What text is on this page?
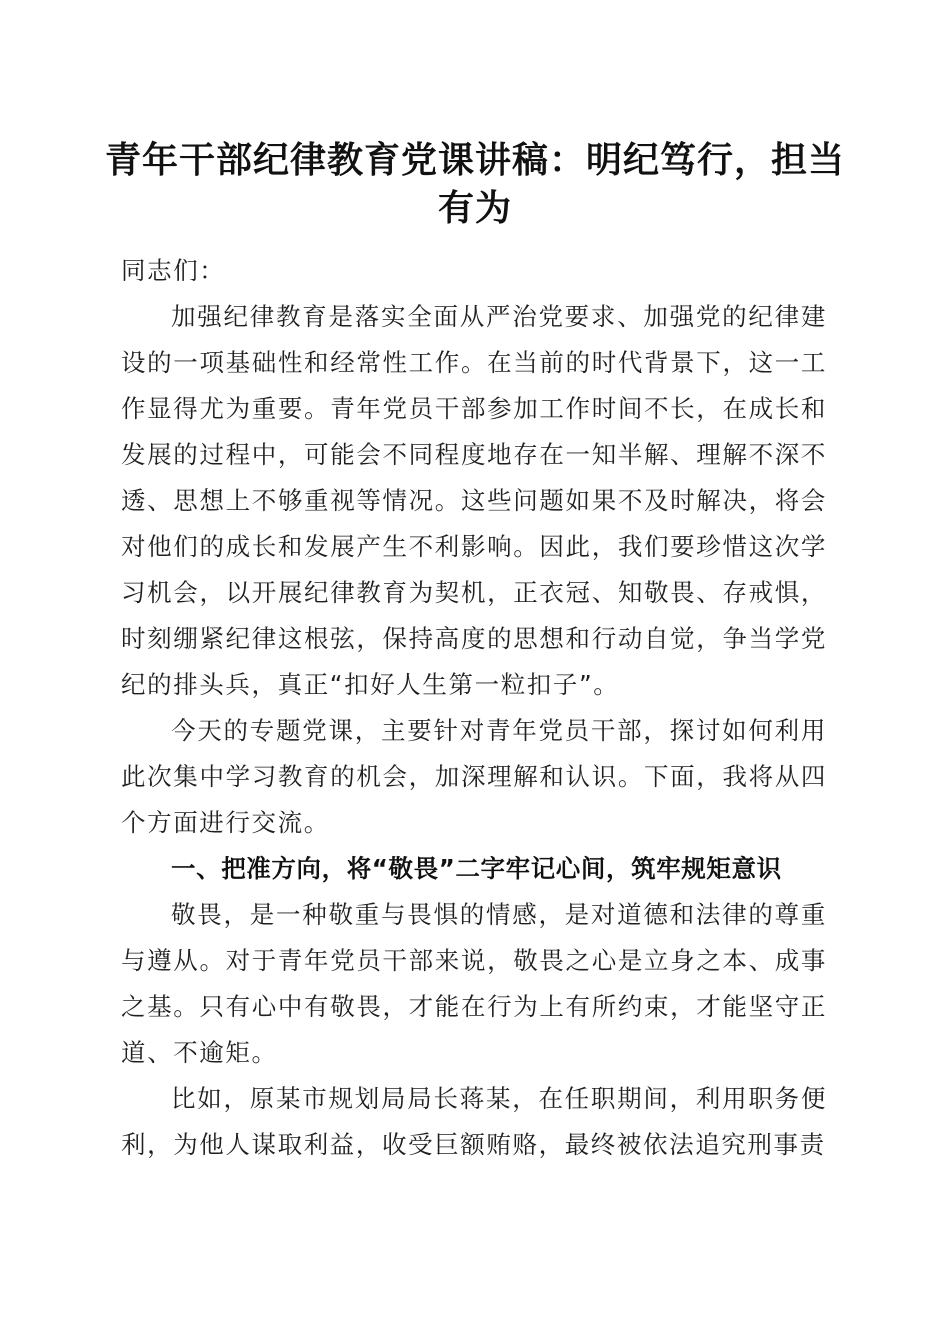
青年干部纪律教育党课讲稿：明纪笃行，担当有为

同志们：

加强纪律教育是落实全面从严治党要求、加强党的纪律建设的一项基础性和经常性工作。在当前的时代背景下，这一工作显得尤为重要。青年党员干部参加工作时间不长，在成长和发展的过程中，可能会不同程度地存在一知半解、理解不深不透、思想上不够重视等情况。这些问题如果不及时解决，将会对他们的成长和发展产生不利影响。因此，我们要珍惜这次学习机会，以开展纪律教育为契机，正衣冠、知敬畏、存戒惧，时刻绷紧纪律这根弦，保持高度的思想和行动自觉，争当学党纪的排头兵，真正“扣好人生第一粒扣子”。

今天的专题党课，主要针对青年党员干部，探讨如何利用此次集中学习教育的机会，加深理解和认识。下面，我将从四个方面进行交流。

一、把准方向，将“敬畏”二字牢记心间，筑牢规矩意识

敬畏，是一种敬重与畏惧的情感，是对道德和法律的尊重与遵从。对于青年党员干部来说，敬畏之心是立身之本、成事之基。只有心中有敬畏，才能在行为上有所约束，才能坚守正道、不逾矩。

比如，原某市规划局局长蒋某，在任职期间，利用职务便利，为他人谋取利益，收受巨额贿赂，最终被依法追究刑事责
